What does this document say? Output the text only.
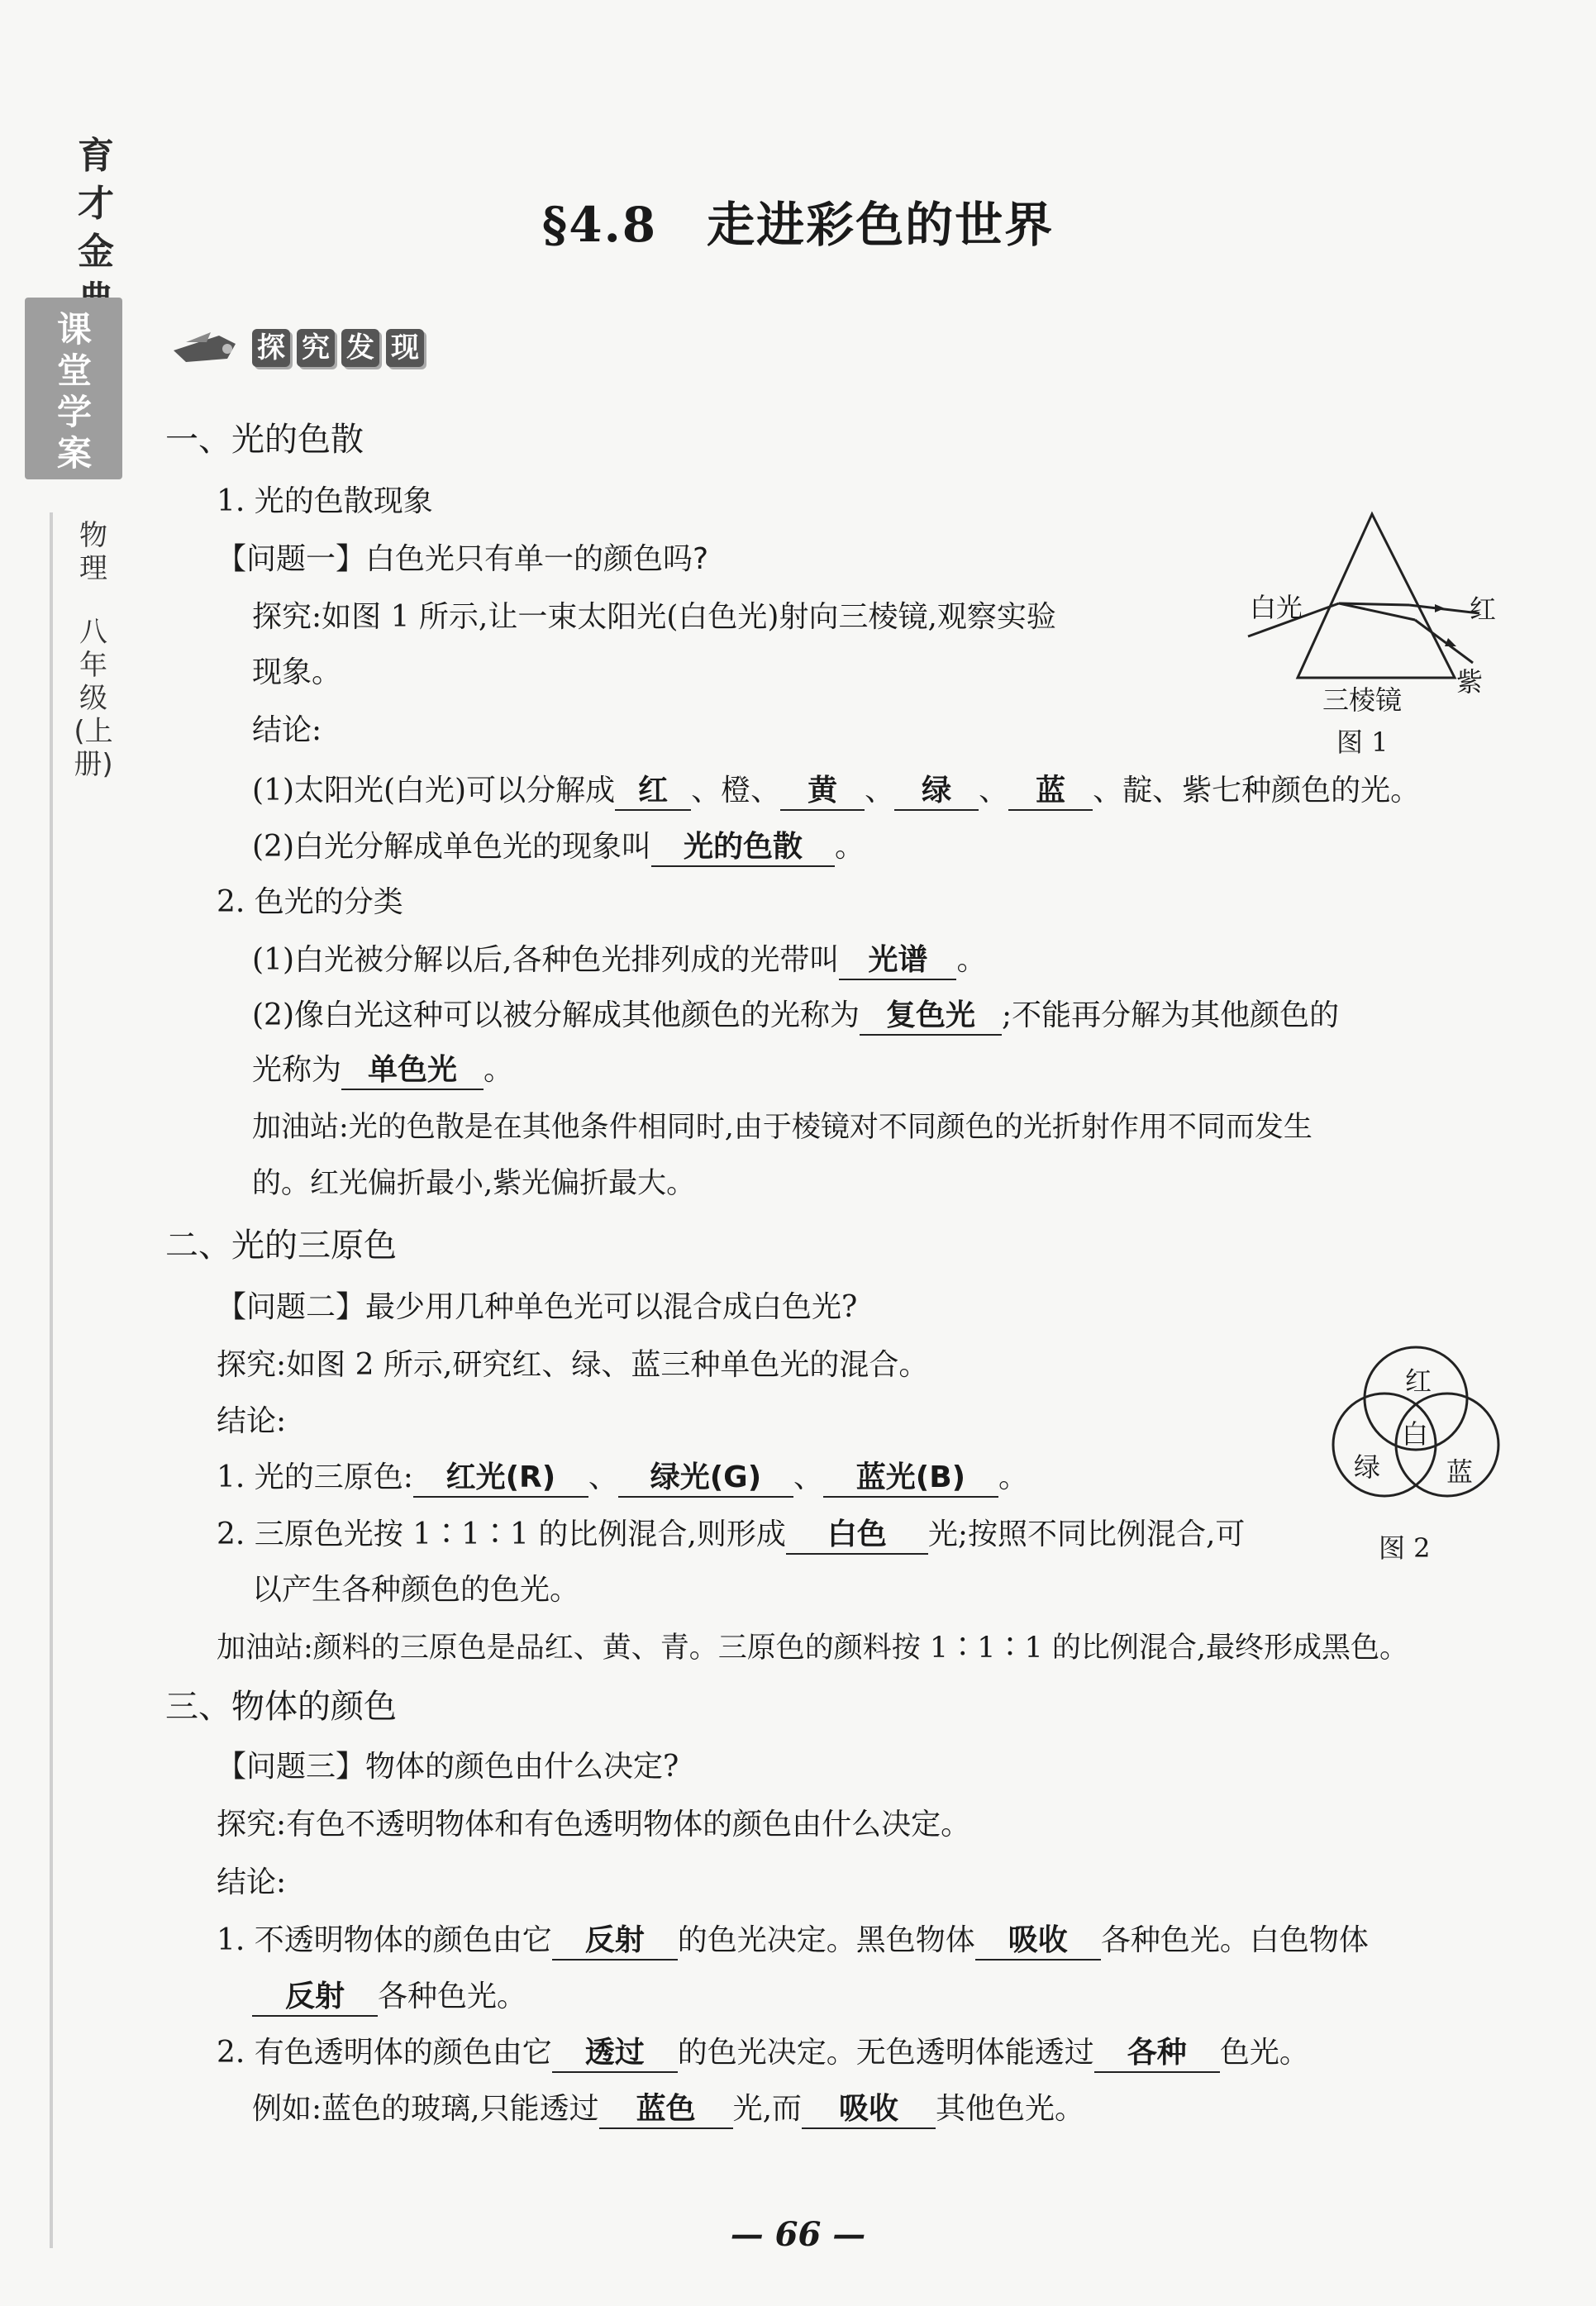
育才金
课堂学案
物理
八年级(上册)
§4.8　走进彩色的世界
探 究 发 现
一、光的色散
1. 光的色散现象
【问题一】白色光只有单一的颜色吗?
探究:如图 1 所示,让一束太阳光(白色光)射向三棱镜,观察实验
现象。
结论:
(1)太阳光(白光)可以分解成 红 、橙、 黄 、 绿 、 蓝 、靛、紫七种颜色的光。
(2)白光分解成单色光的现象叫 光的色散 。
2. 色光的分类
(1)白光被分解以后,各种色光排列成的光带叫 光谱 。
(2)像白光这种可以被分解成其他颜色的光称为 复色光 ;不能再分解为其他颜色的
光称为 单色光 。
加油站:光的色散是在其他条件相同时,由于棱镜对不同颜色的光折射作用不同而发生
的。红光偏折最小,紫光偏折最大。
白光	红
紫
三棱镜
图 1
二、光的三原色
【问题二】最少用几种单色光可以混合成白色光?
探究:如图 2 所示,研究红、绿、蓝三种单色光的混合。
结论:
1. 光的三原色: 红光(R) 、 绿光(G) 、 蓝光(B) 。
2. 三原色光按 1∶1∶1 的比例混合,则形成 白色 光;按照不同比例混合,可
以产生各种颜色的色光。
加油站:颜料的三原色是品红、黄、青。三原色的颜料按 1∶1∶1 的比例混合,最终形成黑色。
红
白
绿 蓝
图 2
三、物体的颜色
【问题三】物体的颜色由什么决定?
探究:有色不透明物体和有色透明物体的颜色由什么决定。
结论:
1. 不透明物体的颜色由它 反射 的色光决定。黑色物体 吸收 各种色光。白色物体
反射 各种色光。
2. 有色透明体的颜色由它 透过 的色光决定。无色透明体能透过 各种 色光。
例如:蓝色的玻璃,只能透过 蓝色 光,而 吸收 其他色光。
— 66 —
